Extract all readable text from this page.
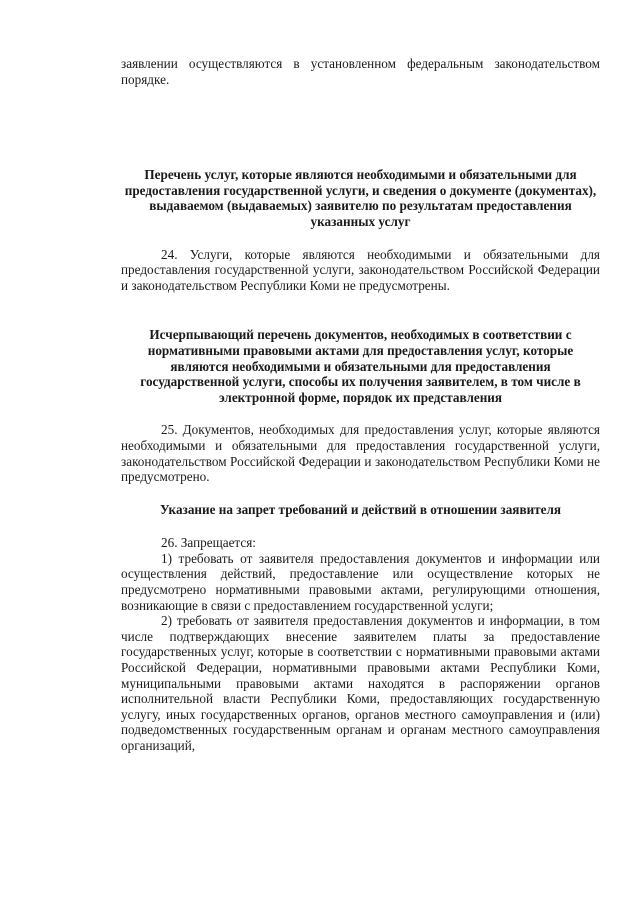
заявлении осуществляются в установленном федеральным законодательством порядке.

Перечень услуг, которые являются необходимыми и обязательными для предоставления государственной услуги, и сведения о документе (документах), выдаваемом (выдаваемых) заявителю по результатам предоставления указанных услуг

24. Услуги, которые являются необходимыми и обязательными для предоставления государственной услуги, законодательством Российской Федерации и законодательством Республики Коми не предусмотрены.

Исчерпывающий перечень документов, необходимых в соответствии с нормативными правовыми актами для предоставления услуг, которые являются необходимыми и обязательными для предоставления государственной услуги, способы их получения заявителем, в том числе в электронной форме, порядок их представления

25. Документов, необходимых для предоставления услуг, которые являются необходимыми и обязательными для предоставления государственной услуги, законодательством Российской Федерации и законодательством Республики Коми не предусмотрено.

Указание на запрет требований и действий в отношении заявителя

26. Запрещается:

1) требовать от заявителя предоставления документов и информации или осуществления действий, предоставление или осуществление которых не предусмотрено нормативными правовыми актами, регулирующими отношения, возникающие в связи с предоставлением государственной услуги;

2) требовать от заявителя предоставления документов и информации, в том числе подтверждающих внесение заявителем платы за предоставление государственных услуг, которые в соответствии с нормативными правовыми актами Российской Федерации, нормативными правовыми актами Республики Коми, муниципальными правовыми актами находятся в распоряжении органов исполнительной власти Республики Коми, предоставляющих государственную услугу, иных государственных органов, органов местного самоуправления и (или) подведомственных государственным органам и органам местного самоуправления организаций,
